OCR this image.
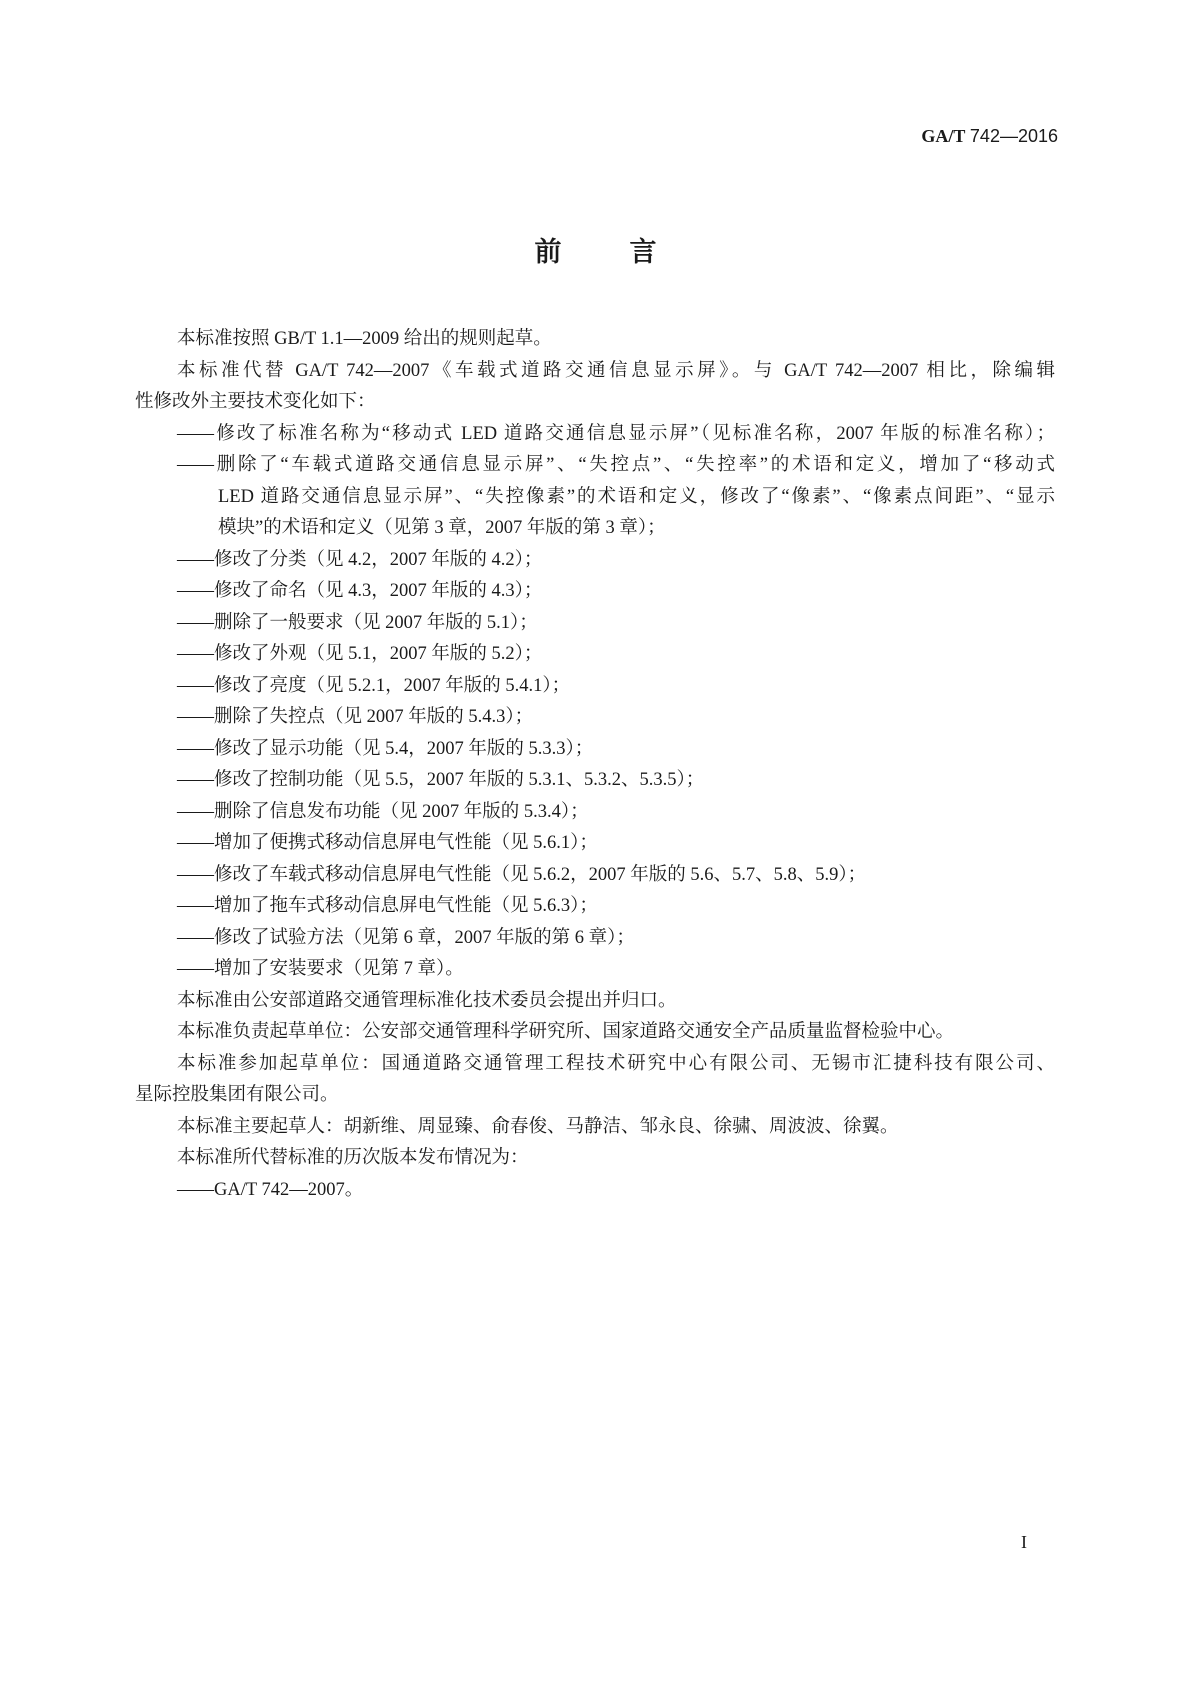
GA/T 742—2016
前	言
本标准按照 GB/T 1.1—2009 给出的规则起草。
本标准代替 GA/T 742—2007《车载式道路交通信息显示屏》。与 GA/T 742—2007 相比，除编辑
性修改外主要技术变化如下：
——修改了标准名称为“移动式 LED 道路交通信息显示屏”（见标准名称，2007 年版的标准名称）；
——删除了“车载式道路交通信息显示屏”、“失控点”、“失控率”的术语和定义，增加了“移动式
LED 道路交通信息显示屏”、“失控像素”的术语和定义，修改了“像素”、“像素点间距”、“显示
模块”的术语和定义（见第 3 章，2007 年版的第 3 章）；
——修改了分类（见 4.2，2007 年版的 4.2）；
——修改了命名（见 4.3，2007 年版的 4.3）；
——删除了一般要求（见 2007 年版的 5.1）；
——修改了外观（见 5.1，2007 年版的 5.2）；
——修改了亮度（见 5.2.1，2007 年版的 5.4.1）；
——删除了失控点（见 2007 年版的 5.4.3）；
——修改了显示功能（见 5.4，2007 年版的 5.3.3）；
——修改了控制功能（见 5.5，2007 年版的 5.3.1、5.3.2、5.3.5）；
——删除了信息发布功能（见 2007 年版的 5.3.4）；
——增加了便携式移动信息屏电气性能（见 5.6.1）；
——修改了车载式移动信息屏电气性能（见 5.6.2，2007 年版的 5.6、5.7、5.8、5.9）；
——增加了拖车式移动信息屏电气性能（见 5.6.3）；
——修改了试验方法（见第 6 章，2007 年版的第 6 章）；
——增加了安装要求（见第 7 章）。
本标准由公安部道路交通管理标准化技术委员会提出并归口。
本标准负责起草单位：公安部交通管理科学研究所、国家道路交通安全产品质量监督检验中心。
本标准参加起草单位：国通道路交通管理工程技术研究中心有限公司、无锡市汇捷科技有限公司、
星际控股集团有限公司。
本标准主要起草人：胡新维、周显臻、俞春俊、马静洁、邹永良、徐骕、周波波、徐翼。
本标准所代替标准的历次版本发布情况为：
——GA/T 742—2007。
I
